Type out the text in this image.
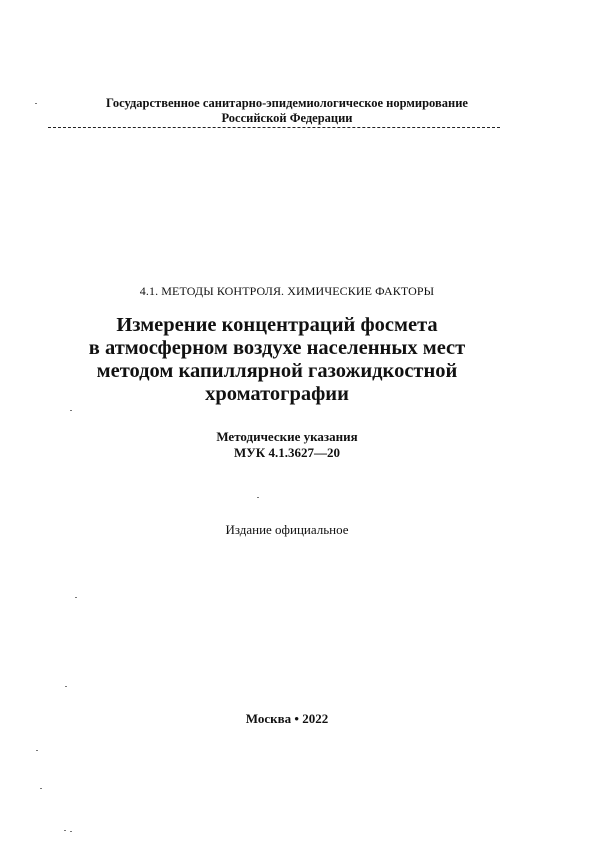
Государственное санитарно-эпидемиологическое нормирование
Российской Федерации
4.1. МЕТОДЫ КОНТРОЛЯ. ХИМИЧЕСКИЕ ФАКТОРЫ
Измерение концентраций фосмета
в атмосферном воздухе населенных мест
методом капиллярной газожидкостной
хроматографии
Методические указания
МУК 4.1.3627—20
Издание официальное
Москва • 2022
